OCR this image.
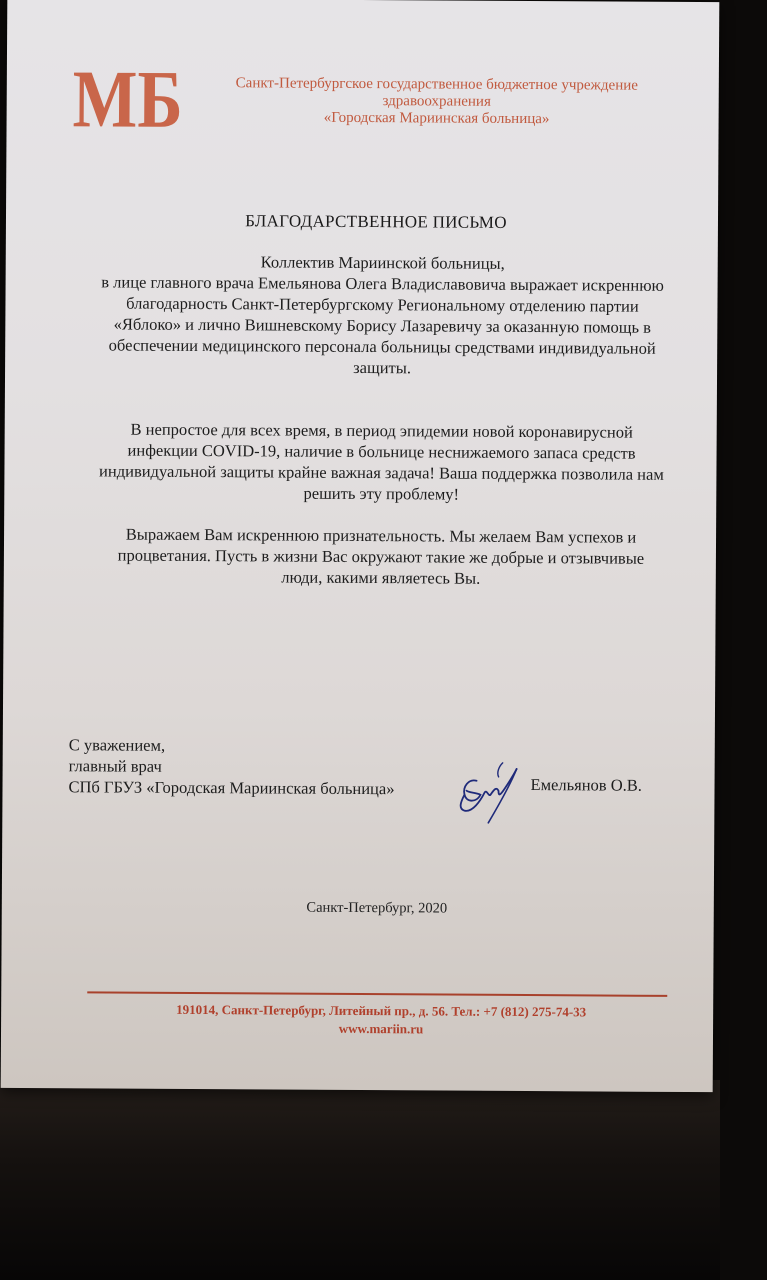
МБ	Санкт-Петербургское государственное бюджетное учреждение
здравоохранения
«Городская Мариинская больница»
БЛАГОДАРСТВЕННОЕ ПИСЬМО
Коллектив Мариинской больницы,
в лице главного врача Емельянова Олега Владиславовича выражает искреннюю
благодарность Санкт-Петербургскому Региональному отделению партии
«Яблоко» и лично Вишневскому Борису Лазаревичу за оказанную помощь в
обеспечении медицинского персонала больницы средствами индивидуальной
защиты.
В непростое для всех время, в период эпидемии новой коронавирусной
инфекции COVID-19, наличие в больнице неснижаемого запаса средств
индивидуальной защиты крайне важная задача! Ваша поддержка позволила нам
решить эту проблему!
Выражаем Вам искреннюю признательность. Мы желаем Вам успехов и
процветания. Пусть в жизни Вас окружают такие же добрые и отзывчивые
люди, какими являетесь Вы.
С уважением,
главный врач
СПб ГБУЗ «Городская Мариинская больница»	Емельянов О.В.
Санкт-Петербург, 2020
191014, Санкт-Петербург, Литейный пр., д. 56. Тел.: +7 (812) 275-74-33
www.mariin.ru
